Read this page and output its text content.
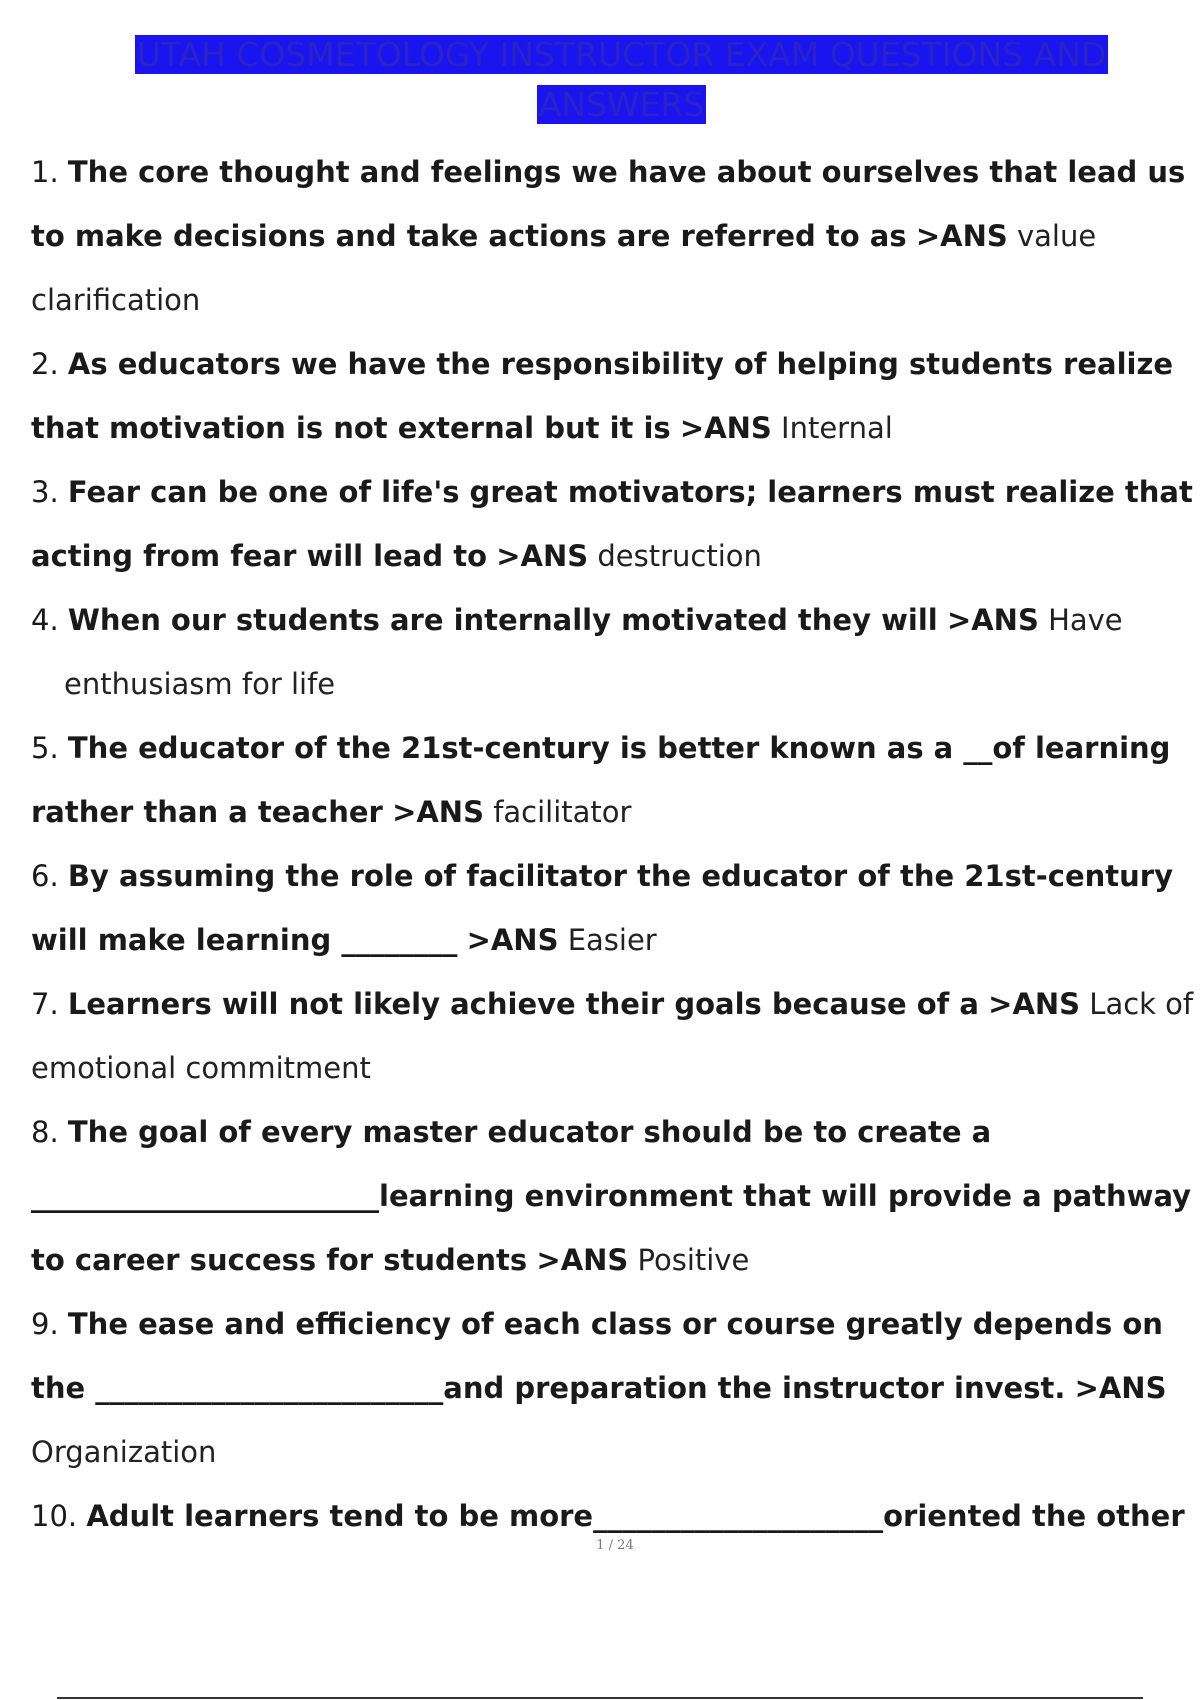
UTAH COSMETOLOGY INSTRUCTOR EXAM QUESTIONS AND ANSWERS
1. The core thought and feelings we have about ourselves that lead us to make decisions and take actions are referred to as >ANS value clarification
2. As educators we have the responsibility of helping students realize that motivation is not external but it is >ANS Internal
3. Fear can be one of life's great motivators; learners must realize that acting from fear will lead to >ANS destruction
4. When our students are internally motivated they will >ANS Have enthusiasm for life
5. The educator of the 21st-century is better known as a __of learning rather than a teacher >ANS facilitator
6. By assuming the role of facilitator the educator of the 21st-century will make learning ________ >ANS Easier
7. Learners will not likely achieve their goals because of a >ANS Lack of emotional commitment
8. The goal of every master educator should be to create a ________________________learning environment that will provide a pathway to career success for students >ANS Positive
9. The ease and efficiency of each class or course greatly depends on the ________________________and preparation the instructor invest. >ANS Organization
10. Adult learners tend to be more____________________oriented the other
1 / 24
